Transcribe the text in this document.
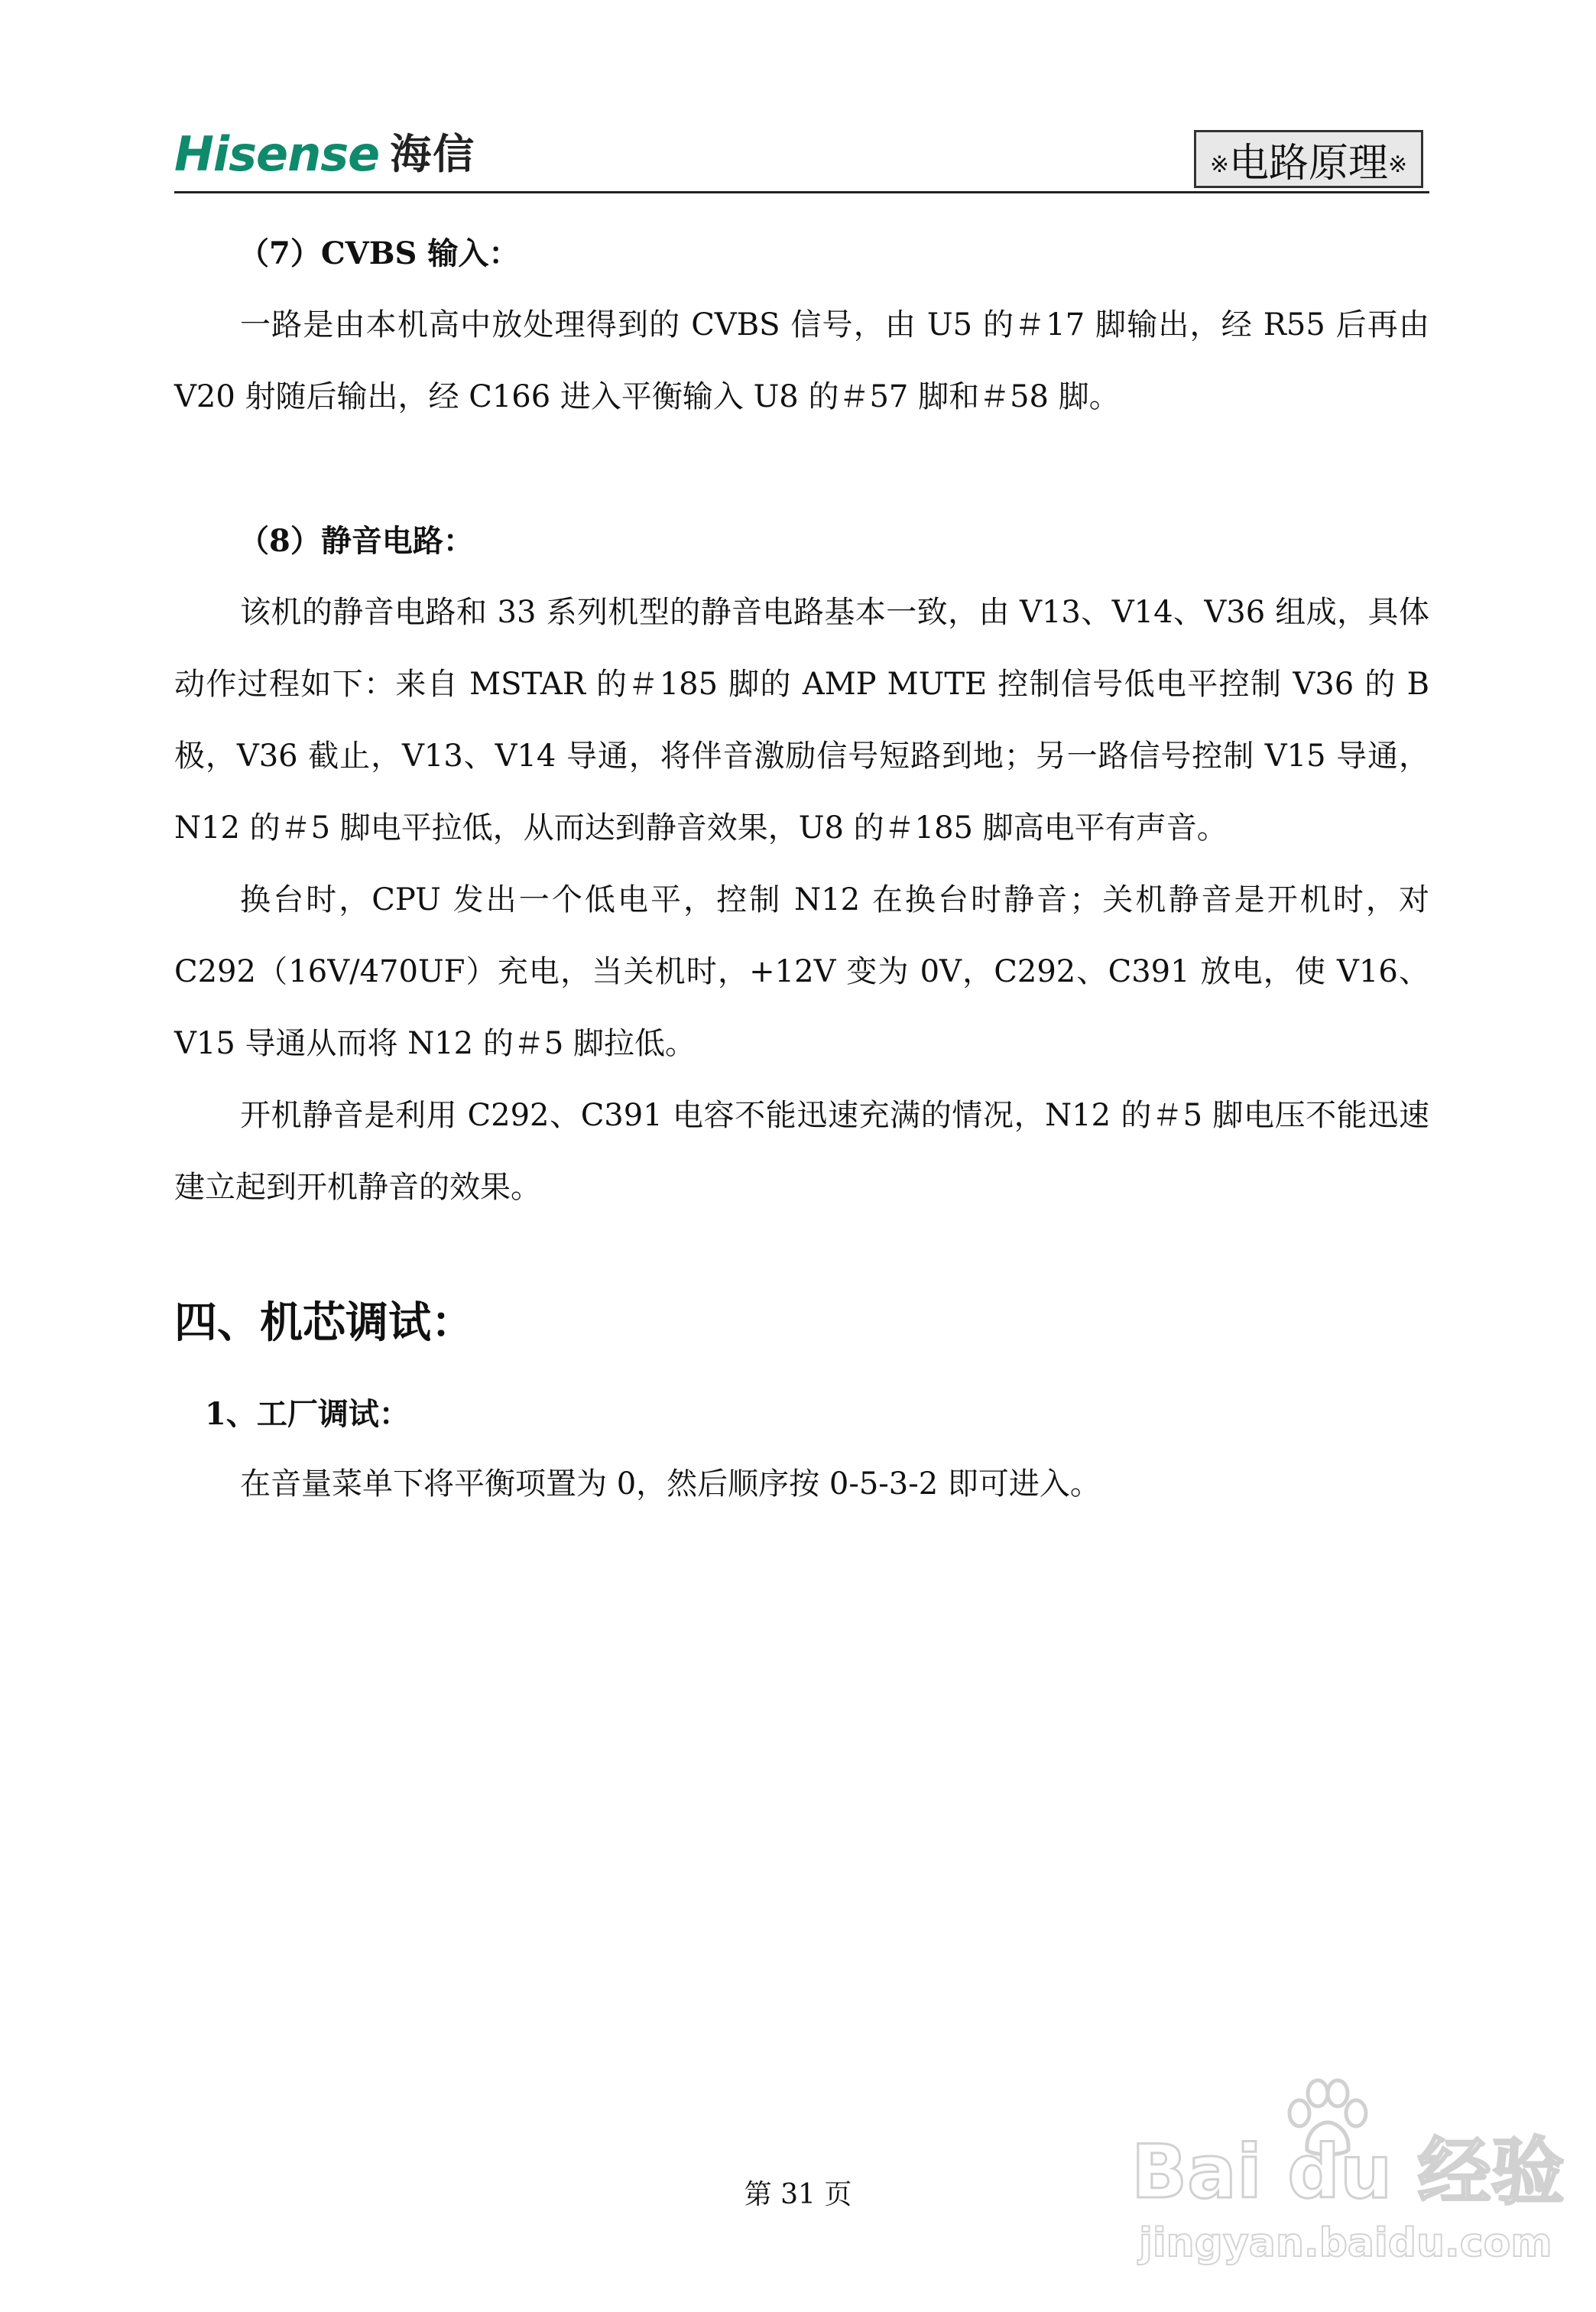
Hisense 海信	※ 电路原理 ※

（7）CVBS 输入：

一路是由本机高中放处理得到的 CVBS 信号，由 U5 的＃17 脚输出，经 R55 后再由 V20 射随后输出，经 C166 进入平衡输入 U8 的＃57 脚和＃58 脚。

（8）静音电路：

该机的静音电路和 33 系列机型的静音电路基本一致，由 V13、V14、V36 组成，具体动作过程如下：来自 MSTAR 的＃185 脚的 AMP MUTE 控制信号低电平控制 V36 的 B 极，V36 截止，V13、V14 导通，将伴音激励信号短路到地；另一路信号控制 V15 导通，N12 的＃5 脚电平拉低，从而达到静音效果，U8 的＃185 脚高电平有声音。

换台时，CPU 发出一个低电平，控制 N12 在换台时静音；关机静音是开机时，对 C292（16V/470UF）充电，当关机时，+12V 变为 0V，C292、C391 放电，使 V16、V15 导通从而将 N12 的＃5 脚拉低。

开机静音是利用 C292、C391 电容不能迅速充满的情况，N12 的＃5 脚电压不能迅速建立起到开机静音的效果。

四、机芯调试：

1、工厂调试：

在音量菜单下将平衡项置为 0，然后顺序按 0-5-3-2 即可进入。

第 31 页	Bai du 经验
jingyan.baidu.com
